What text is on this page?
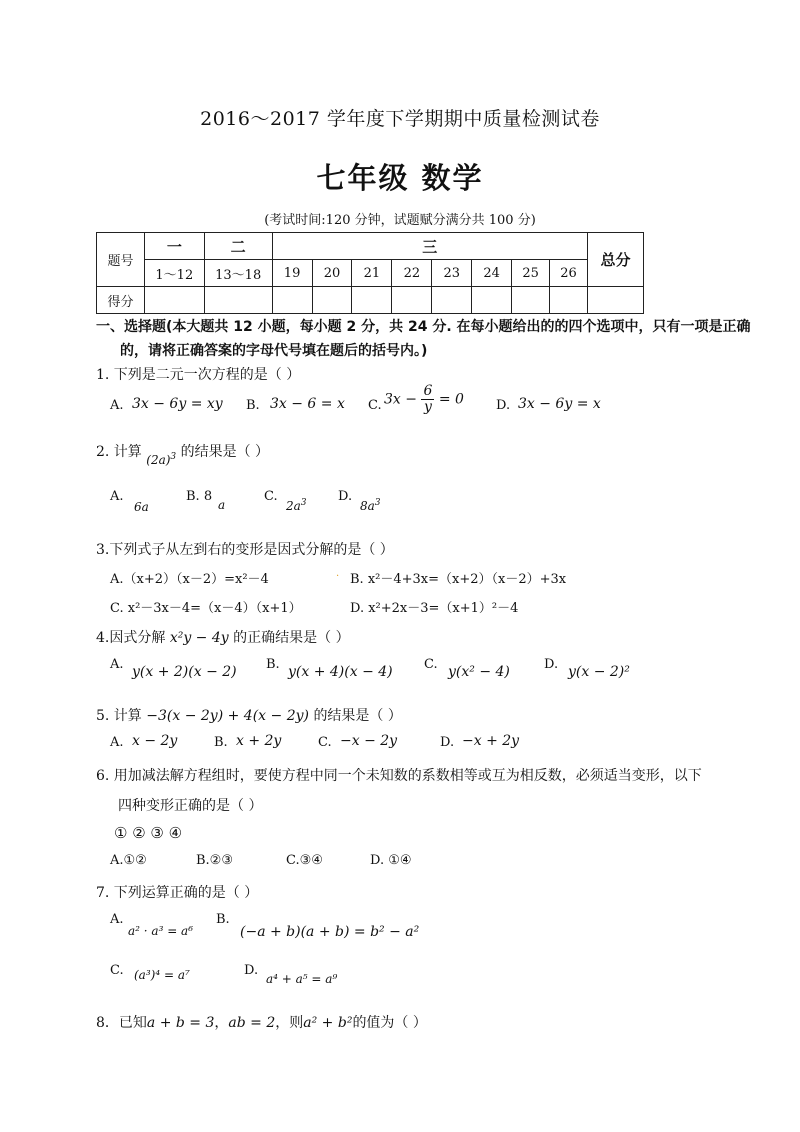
2016～2017 学年度下学期期中质量检测试卷
七年级 数学
(考试时间:120 分钟，试题赋分满分共 100 分)
题号	一	二	三								总分
	1～12	13～18	19	20	21	22	23	24	25	26	
得分											
一、选择题(本大题共 12 小题，每小题 2 分，共 24 分. 在每小题给出的的四个选项中，只有一项是正确
的，请将正确答案的字母代号填在题后的括号内。)
1. 下列是二元一次方程的是（ ）
A. 3x − 6y = xy B. 3x − 6 = x C. $3x - \frac{6}{y} = 0$ D. 3x − 6y = x
2. 计算 $(2a)^3$ 的结果是（ ）
A.
6a
B. 8
a
C.
$2a^3$ D.
$8a^3$
3.下列式子从左到右的变形是因式分解的是（ ）
A.（x+2）（x－2）=x²－4	. B. x²－4+3x=（x+2）（x－2）+3x
C. x²－3x－4=（x－4）（x+1）	D. x²+2x－3=（x+1）²－4
4.因式分解 x²y − 4y 的正确结果是（ ）
A. y(x + 2)(x − 2) B. y(x + 4)(x − 4) C. y(x² − 4)	D. y(x − 2)²
5. 计算 −3(x − 2y) + 4(x − 2y) 的结果是（ ）
A. x − 2y	B. x + 2y	C. −x − 2y	D. −x + 2y
6. 用加减法解方程组时，要使方程中同一个未知数的系数相等或互为相反数，必须适当变形，以下
四种变形正确的是（ ）
① ② ③ ④
A.①②	B.②③	C.③④	D. ①④
7. 下列运算正确的是（ ）
A.
a² · a³ = a⁶
B.
(−a + b)(a + b) = b² − a²
C. (a³)⁴ = a⁷	D.
a⁴ + a⁵ = a⁹
8．已知a + b = 3，ab = 2，则a² + b²的值为（ ）
